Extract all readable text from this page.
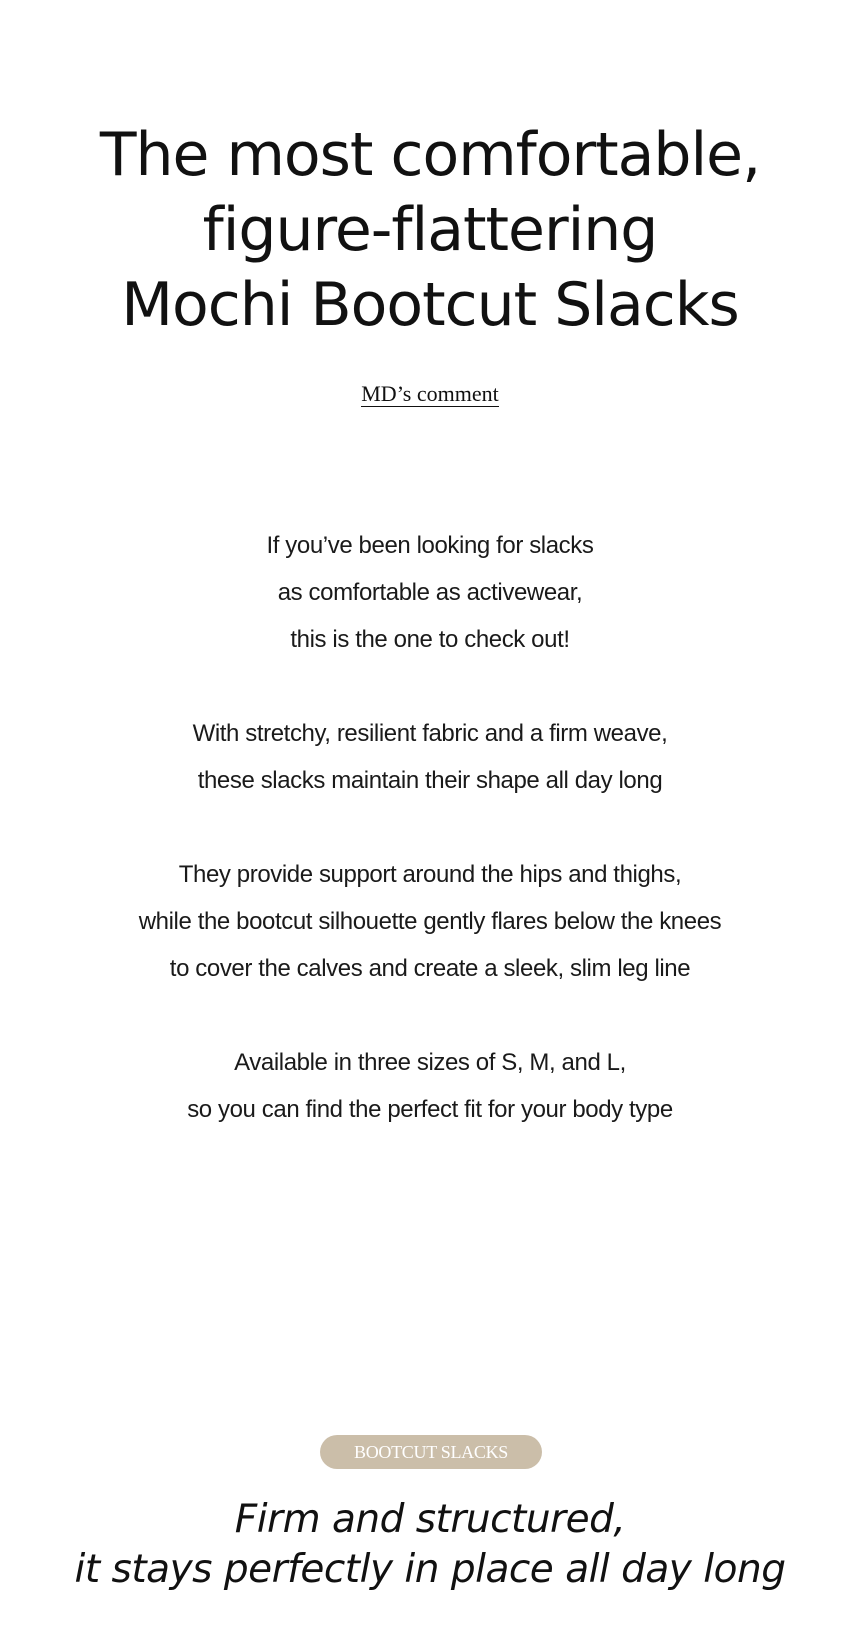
The most comfortable,
figure-flattering
Mochi Bootcut Slacks
MD’s comment

If you’ve been looking for slacks
as comfortable as activewear,
this is the one to check out!

With stretchy, resilient fabric and a firm weave,
these slacks maintain their shape all day long

They provide support around the hips and thighs,
while the bootcut silhouette gently flares below the knees
to cover the calves and create a sleek, slim leg line

Available in three sizes of S, M, and L,
so you can find the perfect fit for your body type

BOOTCUT SLACKS
Firm and structured,
it stays perfectly in place all day long
